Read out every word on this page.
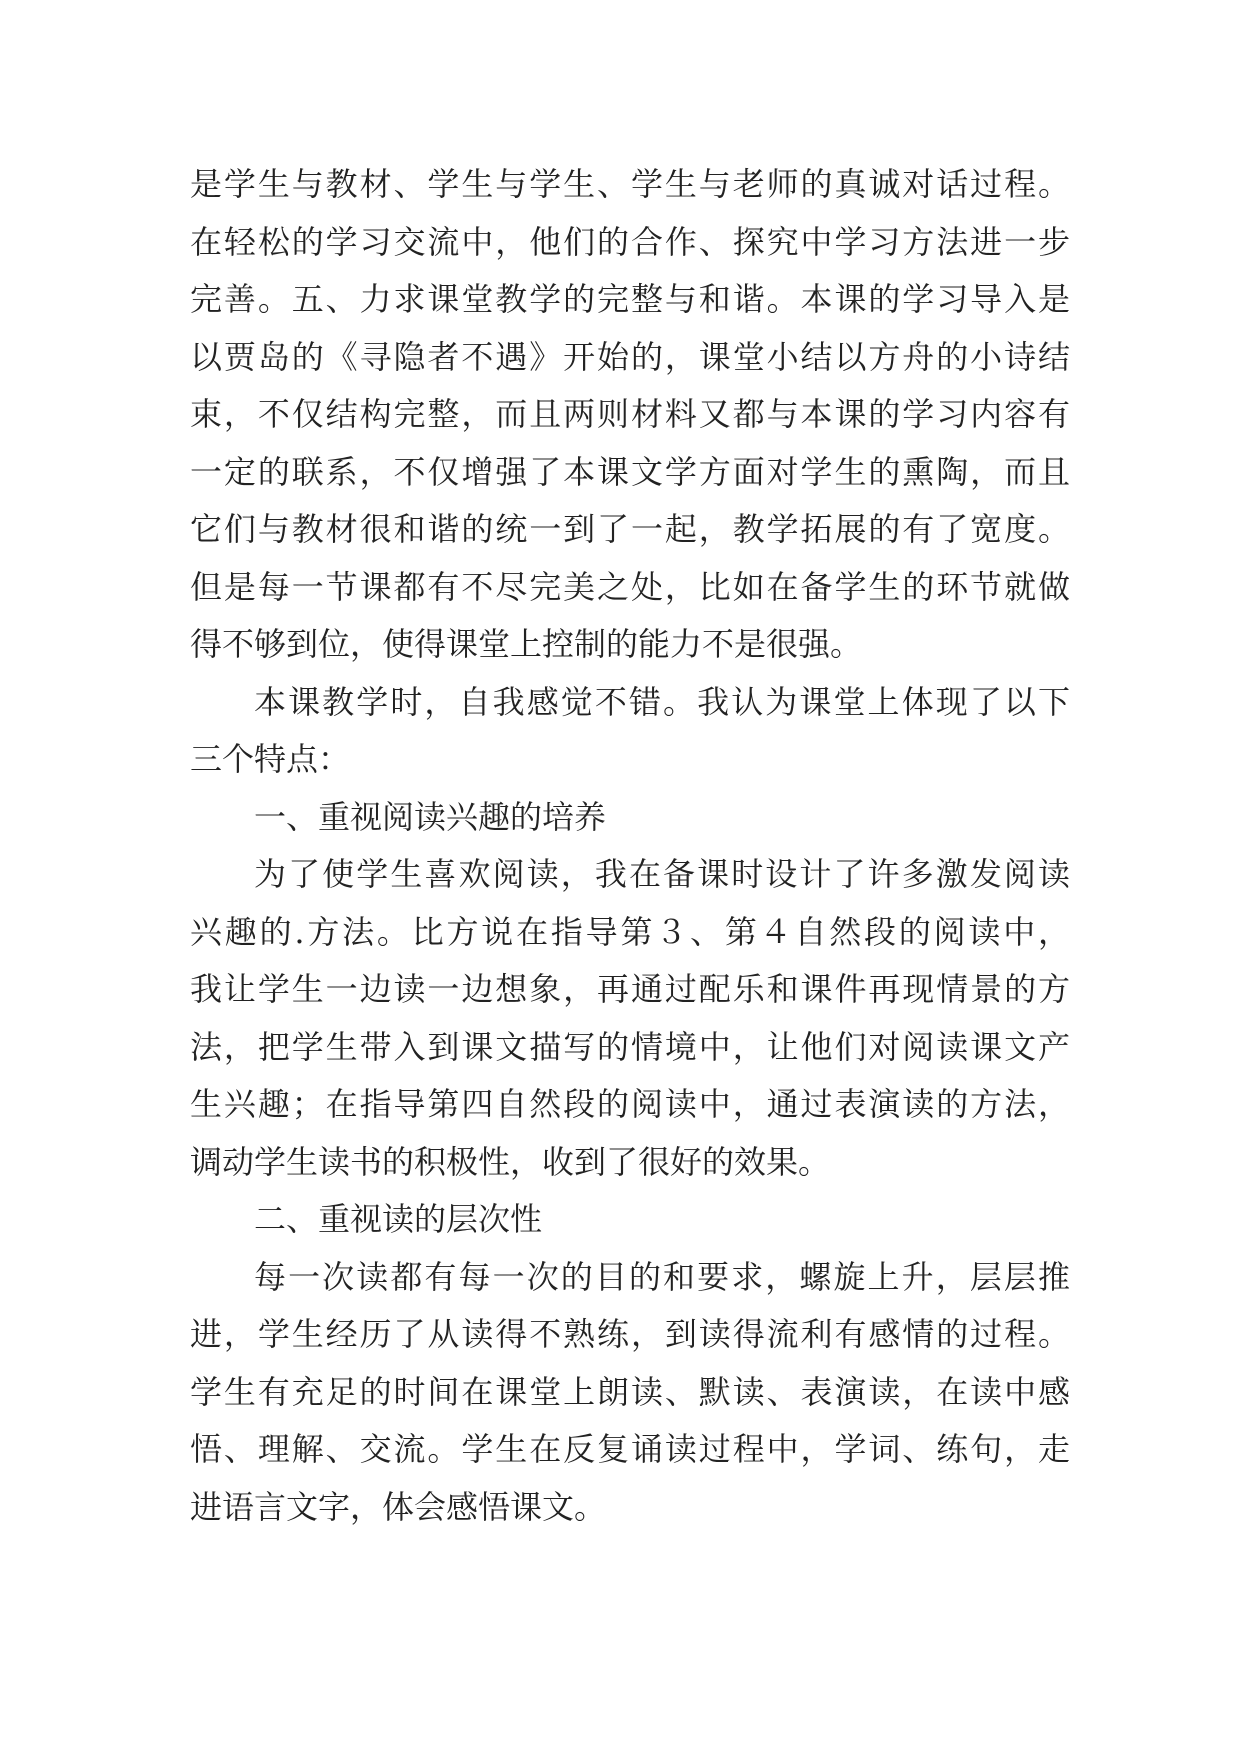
是学生与教材、学生与学生、学生与老师的真诚对话过程。
在轻松的学习交流中，他们的合作、探究中学习方法进一步
完善。五、力求课堂教学的完整与和谐。本课的学习导入是
以贾岛的《寻隐者不遇》开始的，课堂小结以方舟的小诗结
束，不仅结构完整，而且两则材料又都与本课的学习内容有
一定的联系，不仅增强了本课文学方面对学生的熏陶，而且
它们与教材很和谐的统一到了一起，教学拓展的有了宽度。
但是每一节课都有不尽完美之处，比如在备学生的环节就做
得不够到位，使得课堂上控制的能力不是很强。
本课教学时，自我感觉不错。我认为课堂上体现了以下
三个特点：
一、重视阅读兴趣的培养
为了使学生喜欢阅读，我在备课时设计了许多激发阅读
兴趣的.方法。比方说在指导第３、第４自然段的阅读中，
我让学生一边读一边想象，再通过配乐和课件再现情景的方
法，把学生带入到课文描写的情境中，让他们对阅读课文产
生兴趣；在指导第四自然段的阅读中，通过表演读的方法，
调动学生读书的积极性，收到了很好的效果。
二、重视读的层次性
每一次读都有每一次的目的和要求，螺旋上升，层层推
进，学生经历了从读得不熟练，到读得流利有感情的过程。
学生有充足的时间在课堂上朗读、默读、表演读，在读中感
悟、理解、交流。学生在反复诵读过程中，学词、练句，走
进语言文字，体会感悟课文。
